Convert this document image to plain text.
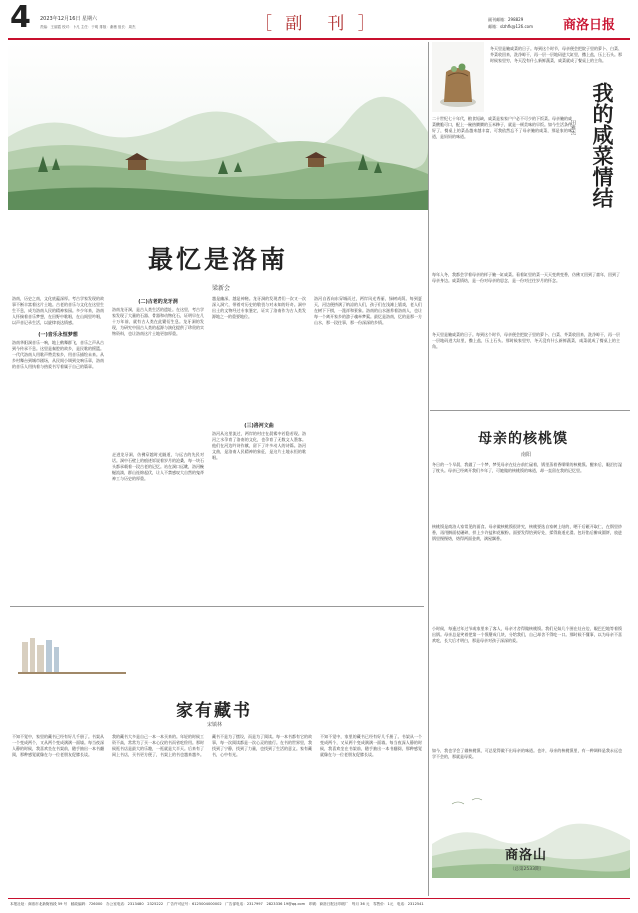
4 2023年12月16日 星期六
责编：王丽霞 校对：卜凡 主任：于明 排版：谢薇 组长：周杰	［ 副　刊 ］	副刊邮箱：298829
邮箱：slzhfk@126.com 商洛日报
最忆是洛南
梁新会
我的咸菜情结
田雅杰
冬天里是腌咸菜的日子。每到这个时节，母亲便会把院子里的萝卜、白菜、芥菜收回来，洗净晾干，再一层一层地码进大缸里，撒上盐，压上石头。那时候家里穷，冬天没有什么新鲜蔬菜，咸菜就成了餐桌上的主角。
二十世纪七十年代，粮食短缺，咸菜是家家户户必不可少的下饭菜。母亲腌的咸菜酸脆可口，配上一碗热腾腾的玉米糁子，就是一顿美味的早饭。如今生活条件好了，餐桌上的菜品越来越丰富，可我依然忘不了母亲腌的咸菜，那是家的味道，是妈妈的味道。
每年入冬，我都会学着母亲的样子腌一缸咸菜。看着缸里的菜一天天变黄变香，仿佛又回到了童年，回到了母亲身边。咸菜情结，是一份对母亲的思念，是一份对过往岁月的怀念。
冬天里是腌咸菜的日子。每到这个时节，母亲便会把院子里的萝卜、白菜、芥菜收回来，洗净晾干，再一层一层地码进大缸里，撒上盐，压上石头。那时候家里穷，冬天没有什么新鲜蔬菜，咸菜就成了餐桌上的主角。
母亲的核桃馍
南阳
冬日的一个早晨，我做了一个梦，梦见母亲在灶台前忙碌着，锅里蒸着香喷喷的核桃馍。醒来后，眼泪打湿了枕头。母亲已经离开我们多年了，可她做的核桃馍的味道，却一直留在我的记忆里。
核桃馍是商洛人家常见的面食。母亲做核桃馍很讲究，核桃要选自家树上结的，晒干后砸开取仁，在锅里炒香，再用擀面杖碾碎，拌上少许盐和花椒粉。面要发得恰到好处，揉得筋道光滑。包好馅后擀成圆饼，放进锅里慢慢烙，烙得两面金黄，满屋飘香。
小时候，每逢过年过节或家里来了客人，母亲才舍得做核桃馍。我们兄妹几个围在灶台边，眼巴巴地等着馍出锅。母亲总是笑着把第一个馍掰成几块，分给我们，自己却舍不得吃一口。那时候不懂事，以为母亲不喜欢吃，长大后才明白，那是母亲对孩子深深的爱。
如今，我也学会了做核桃馍，可总觉得做不出母亲的味道。也许，母亲的核桃馍里，有一种调料是我永远也学不会的，那就是母爱。
商洛山
（总第2533期）
洛南，历史之南，文化底蕴深厚。考古学家发现的故事不断丰富着这片土地。古老的音乐与文化在这里生生不息，成为洛南人民的精神家园。多少年来，洛南人怀揣着音乐梦想，在田野中歌唱，在山间里吟唱，以声音记录生活，以旋律表达情感。
(一)音乐永恒梦想
洛南华阳洞音乐一响，地上鹤舞群飞，音乐之声从古到今传承不息。这里是秦腔的故乡，是民歌的摇篮。一代代洛南人用歌声赞美家乡，用音乐描绘未来。从乡村舞台到城市剧场，从民间小调到交响乐章，洛南的音乐人用执着与热爱书写着属于自己的篇章。
(二)古老的龙牙洞
洛南龙牙洞，是古人类生活的遗址。在这里，考古学家发现了大量的石器、骨器和动物化石，证明早在几十万年前，就有古人类在此繁衍生息。龙牙洞的发现，为研究中国古人类的起源与演化提供了珍贵的实物资料，也让洛南这片土地更加厚重。
走进龙牙洞，仿佛穿越时光隧道，与远古的先民对话。洞中石壁上的痕迹诉说着岁月的沧桑，每一块石头都承载着一段古老的记忆。站在洞口远眺，洛河蜿蜒流淌，群山连绵起伏，让人不禁感叹大自然的鬼斧神工与历史的厚重。
越是幽深，越是神秘。龙牙洞的发现者们一次又一次深入洞穴，带着对历史的敬畏与对未知的好奇。洞中出土的文物经过专家鉴定，证实了洛南作为古人类发源地之一的重要地位。
(三)洛河文曲
洛河从这里流过，两岸的村庄在晨雾中若隐若现。洛河之水孕育了洛南的文化，也孕育了无数文人墨客。他们在河边吟诗作赋，留下了许多动人的诗篇。洛河文曲，是洛南人民精神的象征，是这片土地永恒的歌唱。
洛河自西向东穿城而过，两岸风光秀丽，绿树成荫。每到夏天，河边便挤满了纳凉的人们，孩子们在浅滩上嬉戏，老人们在树下下棋，一派祥和景象。洛南的山水滋养着洛南人，也让每一个离开家乡的游子魂牵梦萦。最忆是洛南，忆的是那一方山水，那一段往事，那一份深深的乡情。
家有藏书
宋镇林
不知不觉中，家里的藏书已经有好几千册了。书架从一个变成两个，又从两个变成满满一面墙。每当夜深人静的时候，我喜欢坐在书架前，随手抽出一本书翻阅，那种感觉就像在与一位老朋友促膝长谈。
我的藏书大多是自己一本一本买来的。年轻的时候工资不高，常常为了买一本心仪的书而省吃俭用。那时候逛书店是最大的乐趣，一逛就是大半天。后来有了网上书店，买书更方便了，书架上的书也越来越多。
藏书不是为了摆设，而是为了阅读。每一本书都有它的故事，每一次阅读都是一次心灵的旅行。在书的世界里，我找到了宁静，找到了力量，也找到了生活的意义。家有藏书，心中有光。
不知不觉中，家里的藏书已经有好几千册了。书架从一个变成两个，又从两个变成满满一面墙。每当夜深人静的时候，我喜欢坐在书架前，随手抽出一本书翻阅，那种感觉就像在与一位老朋友促膝长谈。
本报社址：商洛市北新街西段 59 号　邮政编码：726000　办公室电话：2313480　2325222　广告许可证号：6125004000002　广告部电话：2317997　2823336 19@qq.com　印刷：商洛日报社印刷厂　每月 36 元　零售价：1元　电话：2312541
